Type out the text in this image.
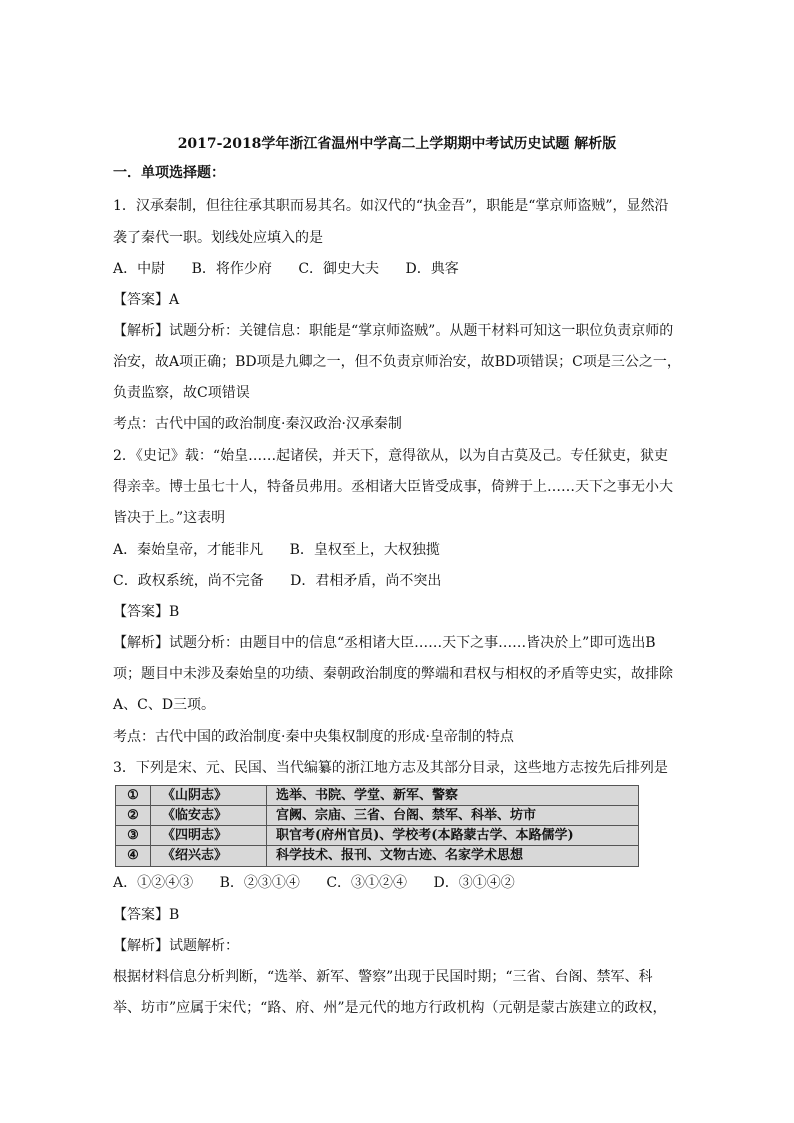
2017-2018学年浙江省温州中学高二上学期期中考试历史试题 解析版
一．单项选择题：
1．汉承秦制，但往往承其职而易其名。如汉代的“执金吾”，职能是“掌京师盗贼”，显然沿
袭了秦代一职。划线处应填入的是
A．中尉 B．将作少府 C．御史大夫 D．典客
【答案】A
【解析】试题分析：关键信息：职能是“掌京师盗贼”。从题干材料可知这一职位负责京师的
治安，故A项正确；BD项是九卿之一，但不负责京师治安，故BD项错误；C项是三公之一，
负责监察，故C项错误
考点：古代中国的政治制度·秦汉政治·汉承秦制
2．《史记》载：“始皇……起诸侯，并天下，意得欲从，以为自古莫及己。专任狱吏，狱吏
得亲幸。博士虽七十人，特备员弗用。丞相诸大臣皆受成事，倚辨于上……天下之事无小大
皆决于上。”这表明
A．秦始皇帝，才能非凡 B．皇权至上，大权独揽
C．政权系统，尚不完备 D．君相矛盾，尚不突出
【答案】B
【解析】试题分析：由题目中的信息“丞相诸大臣……天下之事……皆决於上”即可选出B
项；题目中未涉及秦始皇的功绩、秦朝政治制度的弊端和君权与相权的矛盾等史实，故排除
A、C、D三项。
考点：古代中国的政治制度·秦中央集权制度的形成·皇帝制的特点
3．下列是宋、元、民国、当代编纂的浙江地方志及其部分目录，这些地方志按先后排列是
①	《山阴志》	选举、书院、学堂、新军、警察
②	《临安志》	宫阙、宗庙、三省、台阁、禁军、科举、坊市
③	《四明志》	职官考(府州官员)、学校考(本路蒙古学、本路儒学)
④	《绍兴志》	科学技术、报刊、文物古迹、名家学术思想
A．①②④③ B．②③①④ C．③①②④ D．③①④②
【答案】B
【解析】试题解析：
根据材料信息分析判断，“选举、新军、警察”出现于民国时期；“三省、台阁、禁军、科
举、坊市”应属于宋代；“路、府、州”是元代的地方行政机构（元朝是蒙古族建立的政权，
